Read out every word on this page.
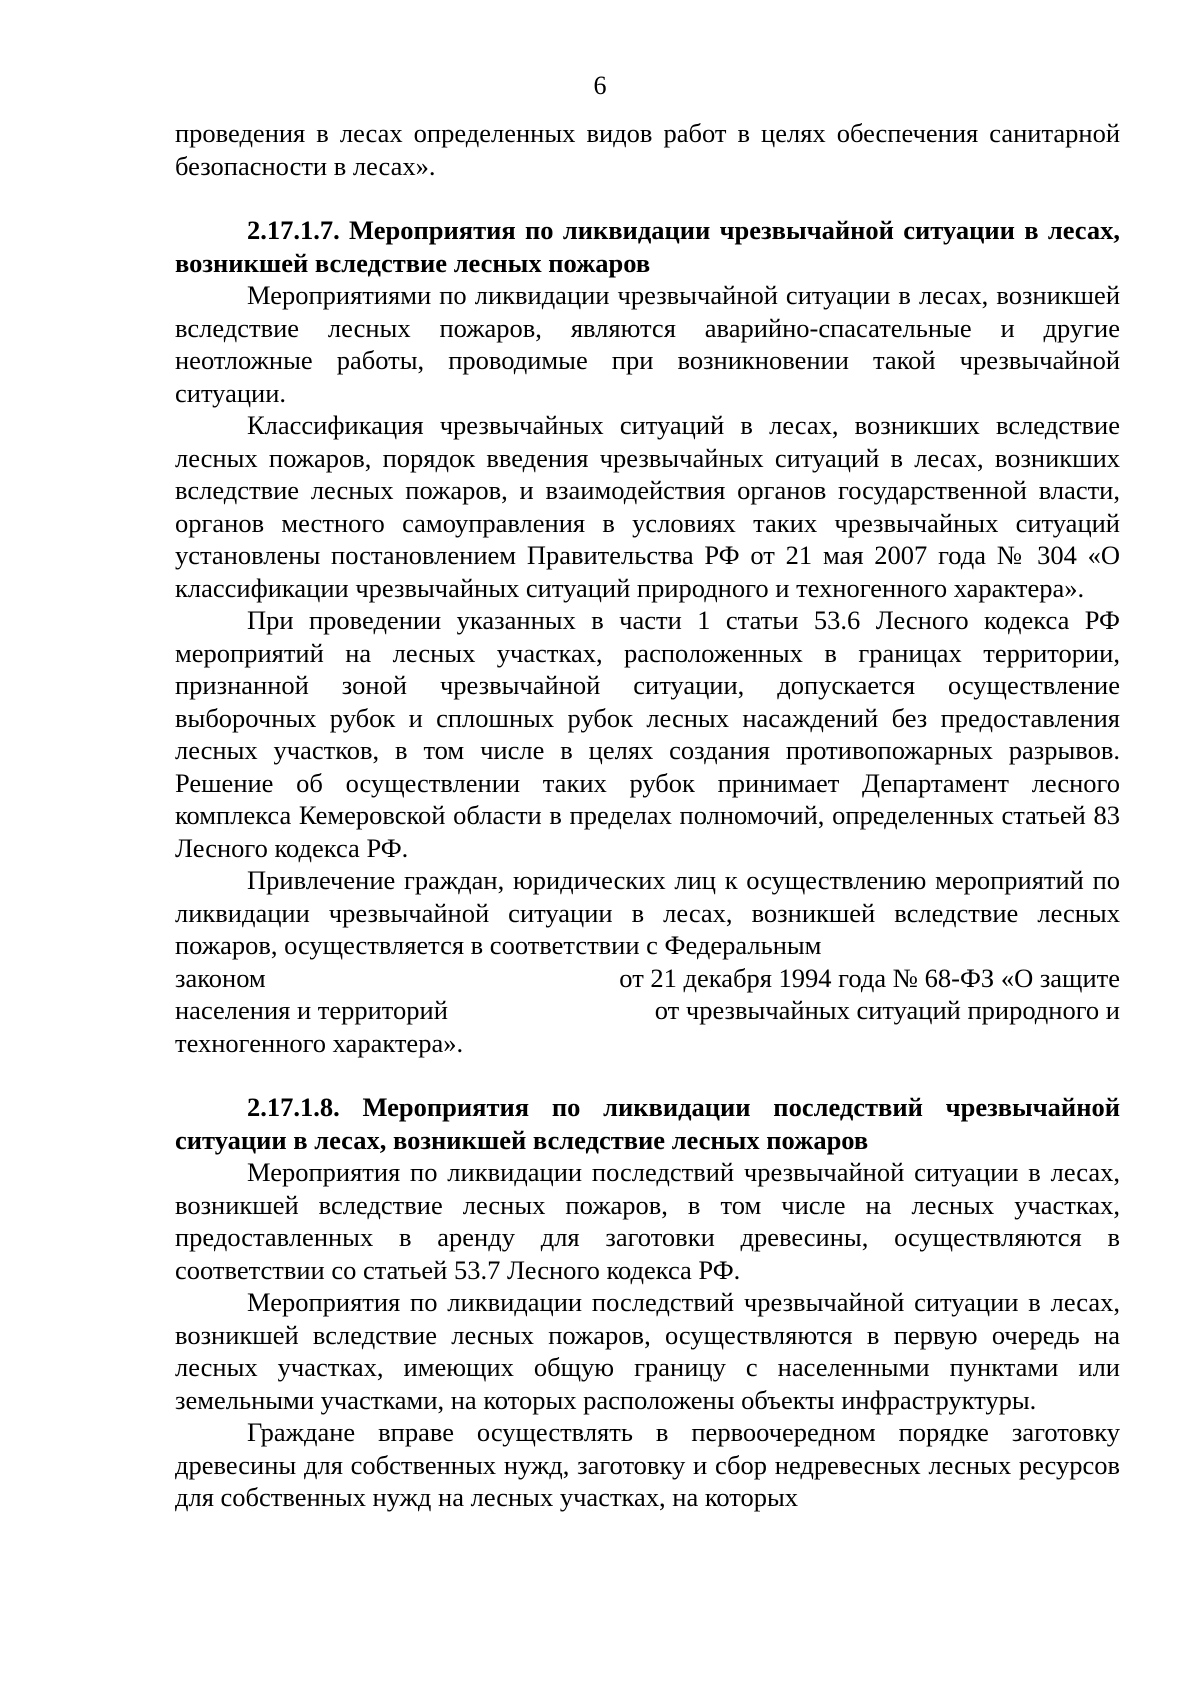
6

проведения в лесах определенных видов работ в целях обеспечения санитарной безопасности в лесах».

2.17.1.7. Мероприятия по ликвидации чрезвычайной ситуации в лесах, возникшей вследствие лесных пожаров

Мероприятиями по ликвидации чрезвычайной ситуации в лесах, возникшей вследствие лесных пожаров, являются аварийно-спасательные и другие неотложные работы, проводимые при возникновении такой чрезвычайной ситуации.

Классификация чрезвычайных ситуаций в лесах, возникших вследствие лесных пожаров, порядок введения чрезвычайных ситуаций в лесах, возникших вследствие лесных пожаров, и взаимодействия органов государственной власти, органов местного самоуправления в условиях таких чрезвычайных ситуаций установлены постановлением Правительства РФ от 21 мая 2007 года № 304 «О классификации чрезвычайных ситуаций природного и техногенного характера».

При проведении указанных в части 1 статьи 53.6 Лесного кодекса РФ мероприятий на лесных участках, расположенных в границах территории, признанной зоной чрезвычайной ситуации, допускается осуществление выборочных рубок и сплошных рубок лесных насаждений без предоставления лесных участков, в том числе в целях создания противопожарных разрывов. Решение об осуществлении таких рубок принимает Департамент лесного комплекса Кемеровской области в пределах полномочий, определенных статьей 83 Лесного кодекса РФ.

Привлечение граждан, юридических лиц к осуществлению мероприятий по ликвидации чрезвычайной ситуации в лесах, возникшей вследствие лесных пожаров, осуществляется в соответствии с Федеральным

законом	от 21 декабря 1994 года № 68-ФЗ «О защите
населения и территорий	от чрезвычайных ситуаций природного и

техногенного характера».

2.17.1.8. Мероприятия по ликвидации последствий чрезвычайной ситуации в лесах, возникшей вследствие лесных пожаров

Мероприятия по ликвидации последствий чрезвычайной ситуации в лесах, возникшей вследствие лесных пожаров, в том числе на лесных участках, предоставленных в аренду для заготовки древесины, осуществляются в соответствии со статьей 53.7 Лесного кодекса РФ.

Мероприятия по ликвидации последствий чрезвычайной ситуации в лесах, возникшей вследствие лесных пожаров, осуществляются в первую очередь на лесных участках, имеющих общую границу с населенными пунктами или земельными участками, на которых расположены объекты инфраструктуры.

Граждане вправе осуществлять в первоочередном порядке заготовку древесины для собственных нужд, заготовку и сбор недревесных лесных ресурсов для собственных нужд на лесных участках, на которых
